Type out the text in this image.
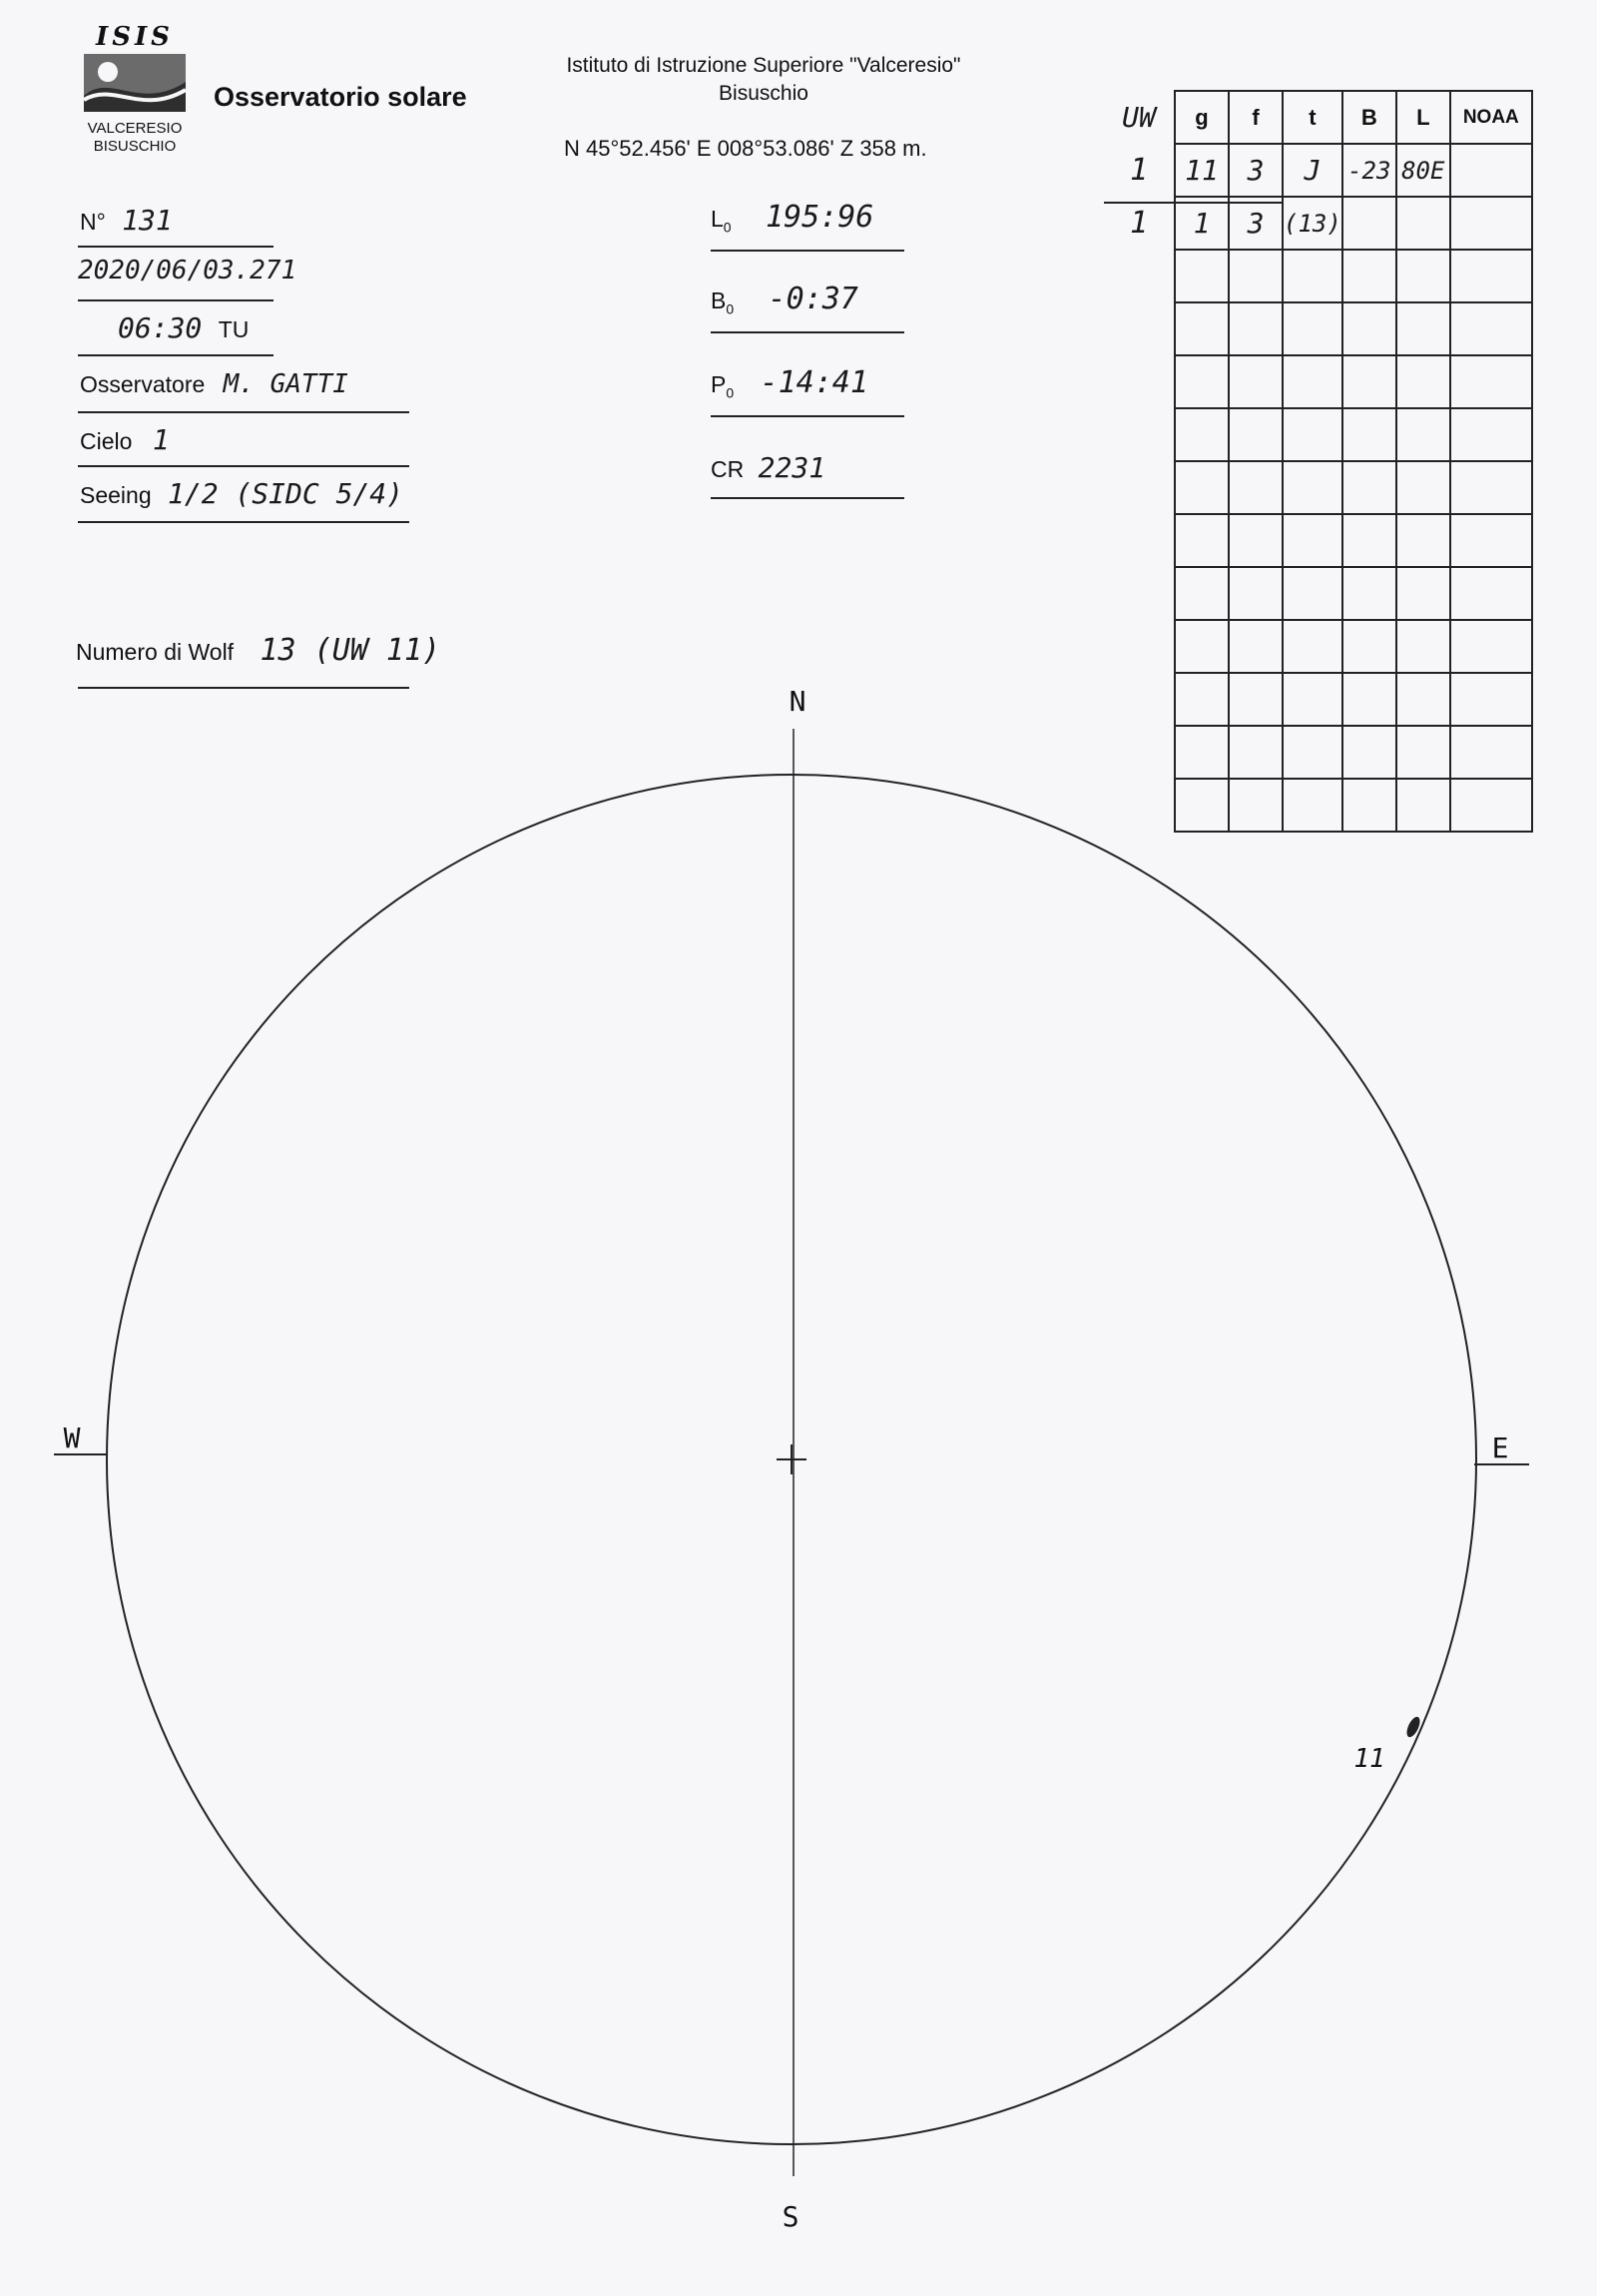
ISIS
VALCERESIO
BISUSCHIO
Osservatorio solare
Istituto di Istruzione Superiore "Valceresio"
Bisuschio
N 45°52.456' E 008°53.086' Z 358 m.
N° 131
2020/06/03.271
06:30 TU
Osservatore M. GATTI
Cielo 1
Seeing 1/2 (SIDC 5/4)
Numero di Wolf 13 (UW 11)
$L_0$ 195:96
$B_0$ -0:37
$P_0$ -14:41
CR 2231
UW	g	f	t	B	L	NOAA
1	11	3	J	-23	80E	
1	1	3	(13)			

N
S
W	E
11
